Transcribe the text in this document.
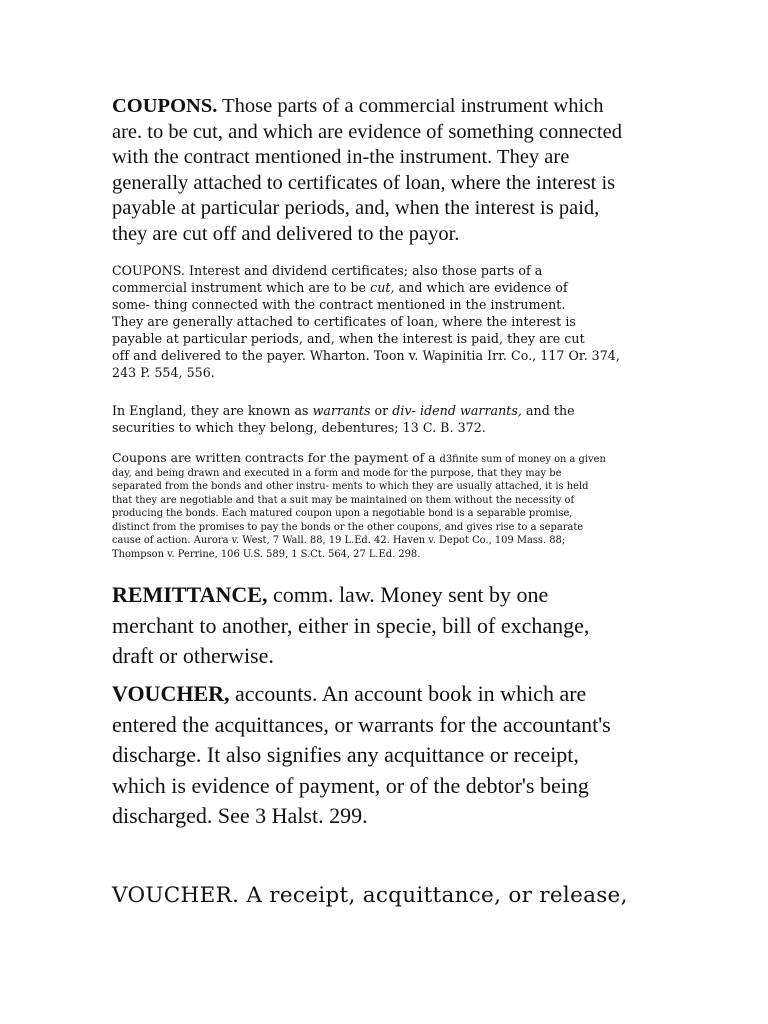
COUPONS. Those parts of a commercial instrument which
are. to be cut, and which are evidence of something connected
with the contract mentioned in-the instrument. They are
generally attached to certificates of loan, where the interest is
payable at particular periods, and, when the interest is paid,
they are cut off and delivered to the payor.

COUPONS. Interest and dividend certificates; also those parts of a
commercial instrument which are to be cut, and which are evidence of
some- thing connected with the contract mentioned in the instrument.
They are generally attached to certificates of loan, where the interest is
payable at particular periods, and, when the interest is paid, they are cut
off and delivered to the payer. Wharton. Toon v. Wapinitia Irr. Co., 117 Or. 374,
243 P. 554, 556.

In England, they are known as warrants or div- idend warrants, and the
securities to which they belong, debentures; 13 C. B. 372.

Coupons are written contracts for the payment of a d3finite sum of money on a given
day, and being drawn and executed in a form and mode for the purpose, that they may be
separated from the bonds and other instru- ments to which they are usually attached, it is held
that they are negotiable and that a suit may be maintained on them without the necessity of
producing the bonds. Each matured coupon upon a negotiable bond is a separable promise,
distinct from the promises to pay the bonds or the other coupons, and gives rise to a separate
cause of action. Aurora v. West, 7 Wall. 88, 19 L.Ed. 42. Haven v. Depot Co., 109 Mass. 88;
Thompson v. Perrine, 106 U.S. 589, 1 S.Ct. 564, 27 L.Ed. 298.

REMITTANCE, comm. law. Money sent by one
merchant to another, either in specie, bill of exchange,
draft or otherwise.

VOUCHER, accounts. An account book in which are
entered the acquittances, or warrants for the accountant's
discharge. It also signifies any acquittance or receipt,
which is evidence of payment, or of the debtor's being
discharged. See 3 Halst. 299.

VOUCHER. A receipt, acquittance, or release,
